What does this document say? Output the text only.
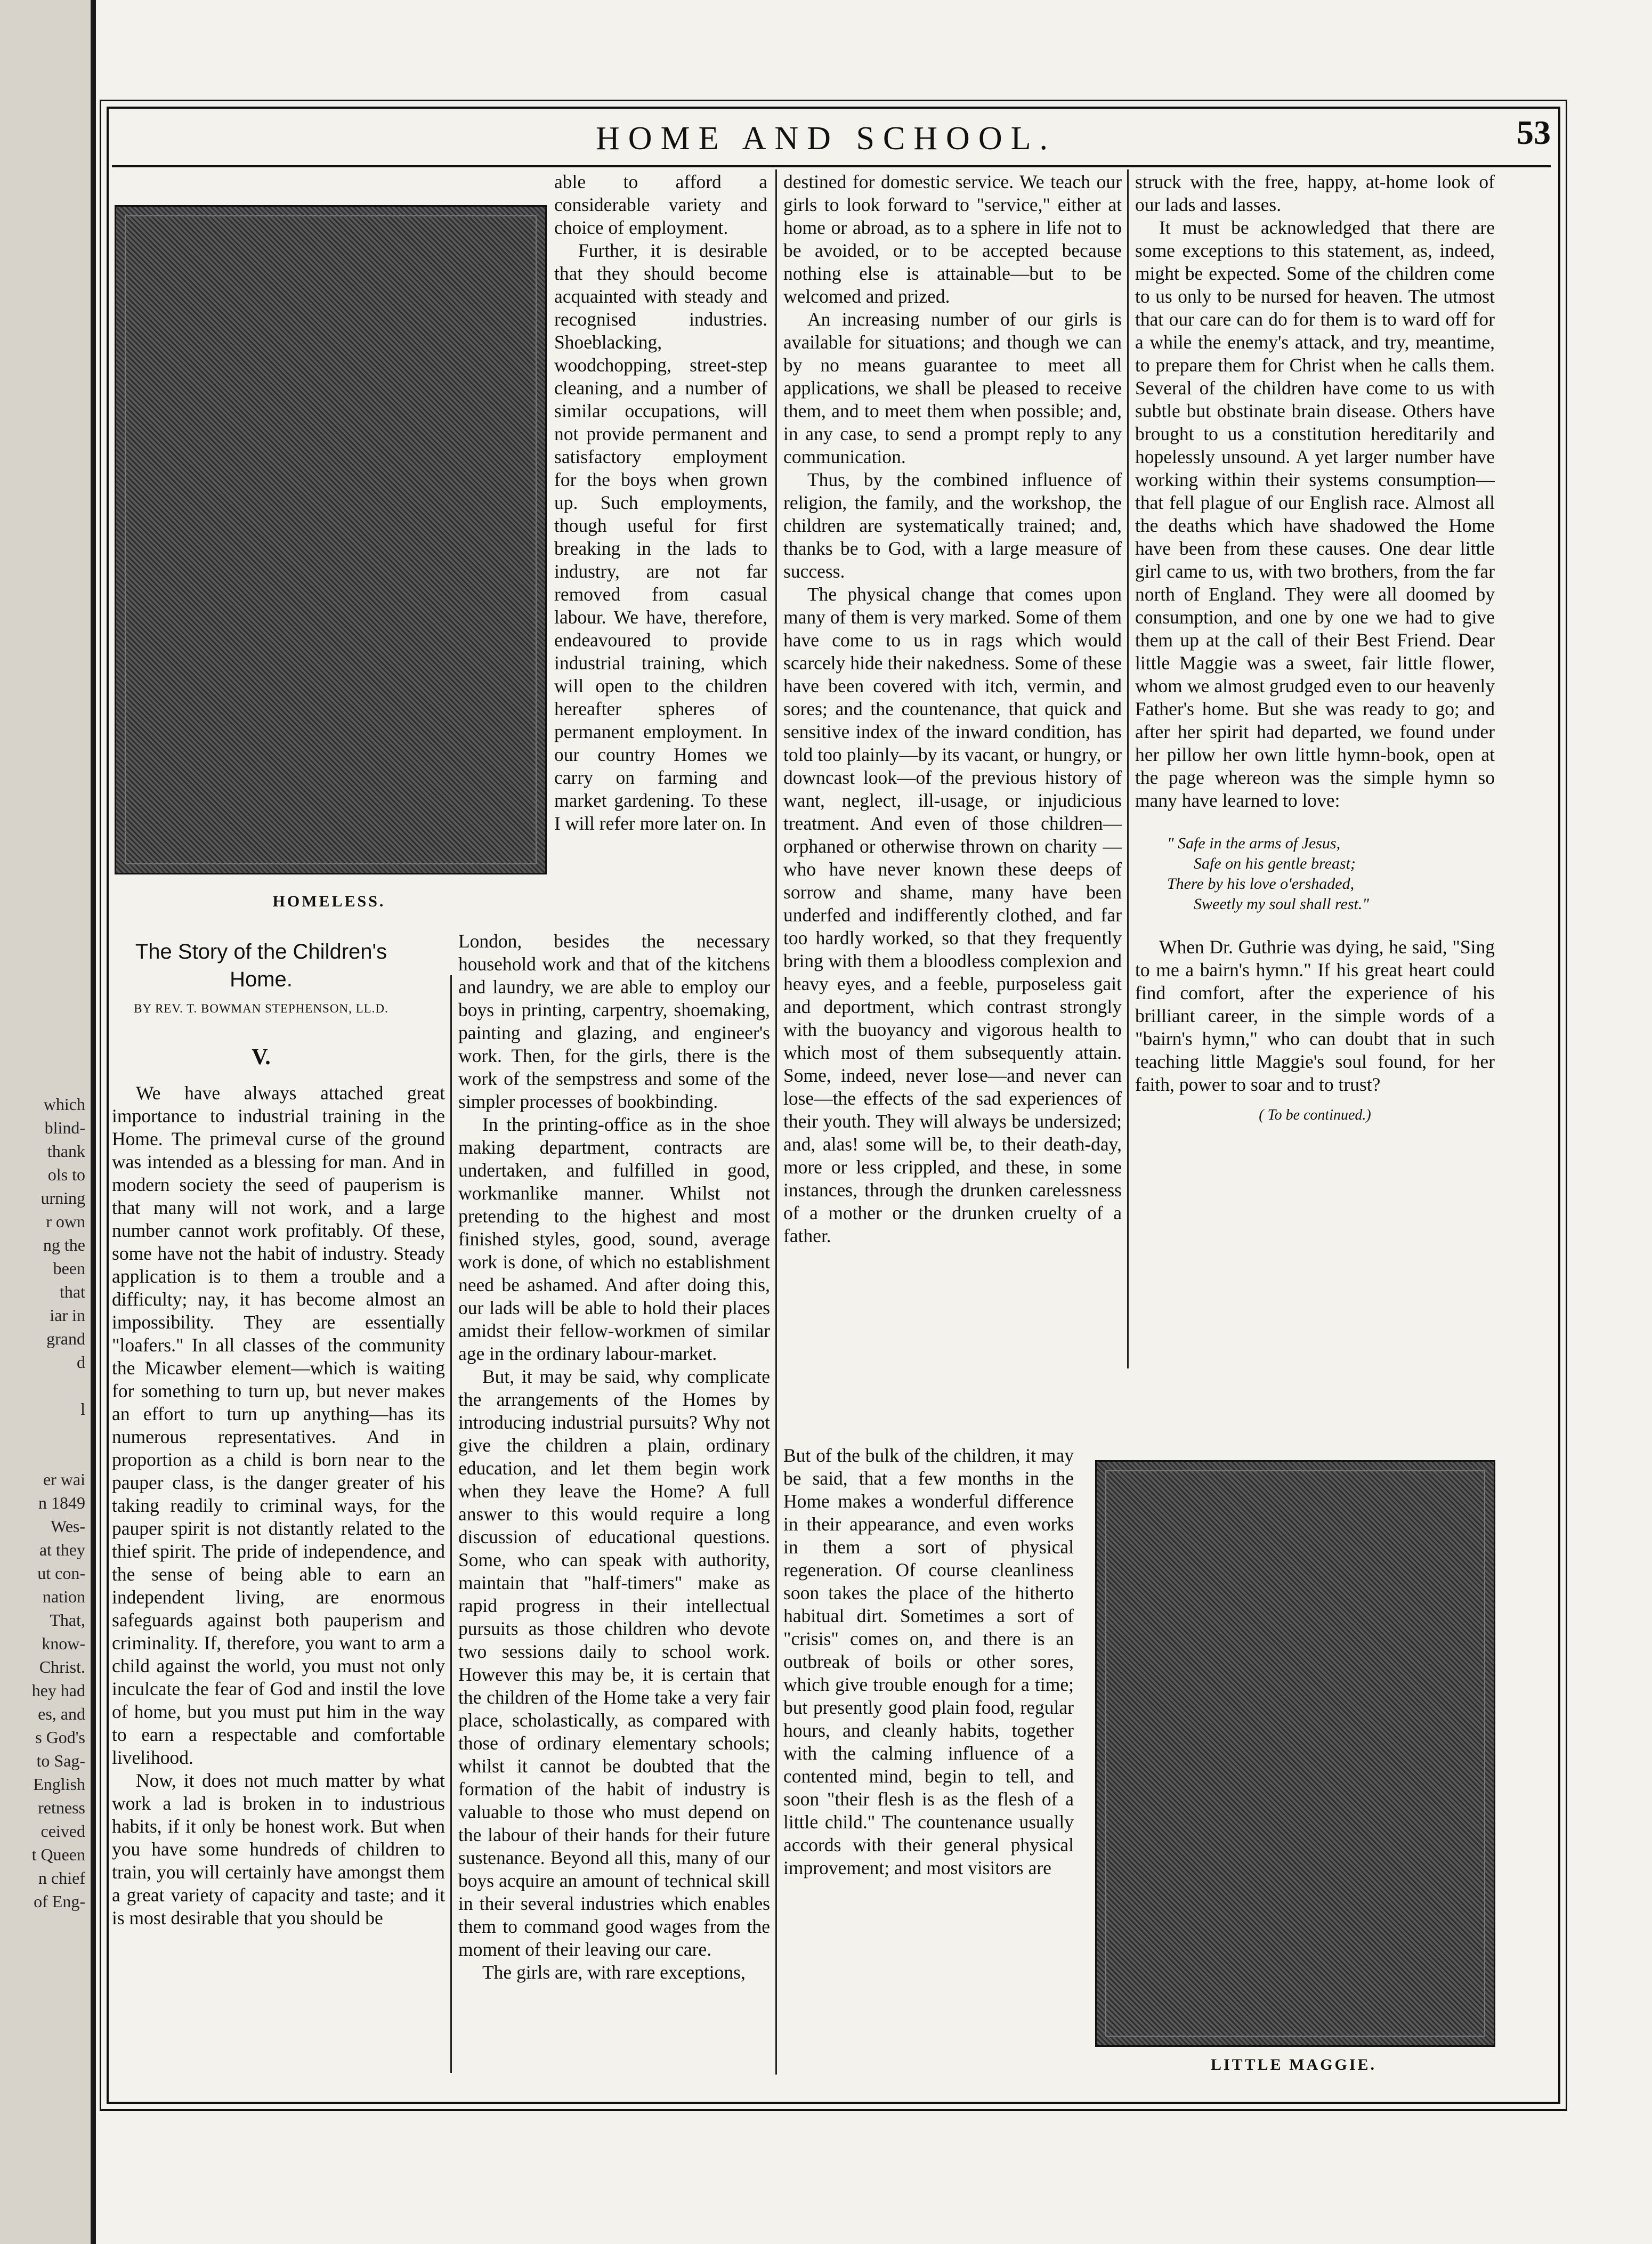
which
blind-
thank
ols to
urning
r own
ng the
been
that
iar in
grand
d

l

er wai
n 1849
Wes-
at they
ut con-
nation
That,
know-
Christ.
hey had
es, and
s God's
to Sag-
English
retness
ceived
t Queen
n chief
of Eng-
HOME AND SCHOOL.	53
HOMELESS.
The Story of the Children's Home.
BY REV. T. BOWMAN STEPHENSON, LL.D.
V.

We have always attached great importance to industrial training in the Home. The primeval curse of the ground was intended as a blessing for man. And in modern society the seed of pauperism is that many will not work, and a large number cannot work profitably. Of these, some have not the habit of industry. Steady application is to them a trouble and a difficulty; nay, it has become almost an impossibility. They are essentially "loafers." In all classes of the community the Micawber element—which is waiting for something to turn up, but never makes an effort to turn up anything—has its numerous representatives. And in proportion as a child is born near to the pauper class, is the danger greater of his taking readily to criminal ways, for the pauper spirit is not distantly related to the thief spirit. The pride of independence, and the sense of being able to earn an independent living, are enormous safeguards against both pauperism and criminality. If, therefore, you want to arm a child against the world, you must not only inculcate the fear of God and instil the love of home, but you must put him in the way to earn a respectable and comfortable livelihood.

Now, it does not much matter by what work a lad is broken in to industrious habits, if it only be honest work. But when you have some hundreds of children to train, you will certainly have amongst them a great variety of capacity and taste; and it is most desirable that you should be

able to afford a considerable variety and choice of employment.

Further, it is desirable that they should become acquainted with steady and recognised industries. Shoeblacking, woodchopping, street-step cleaning, and a number of similar occupations, will not provide permanent and satisfactory employment for the boys when grown up. Such employments, though useful for first breaking in the lads to industry, are not far removed from casual labour. We have, therefore, endeavoured to provide industrial training, which will open to the children hereafter spheres of permanent employment. In our country Homes we carry on farming and market gardening. To these I will refer more later on. In

London, besides the necessary household work and that of the kitchens and laundry, we are able to employ our boys in printing, carpentry, shoemaking, painting and glazing, and engineer's work. Then, for the girls, there is the work of the sempstress and some of the simpler processes of bookbinding.

In the printing-office as in the shoe making department, contracts are undertaken, and fulfilled in good, workmanlike manner. Whilst not pretending to the highest and most finished styles, good, sound, average work is done, of which no establishment need be ashamed. And after doing this, our lads will be able to hold their places amidst their fellow-workmen of similar age in the ordinary labour-market.

But, it may be said, why complicate the arrangements of the Homes by introducing industrial pursuits? Why not give the children a plain, ordinary education, and let them begin work when they leave the Home? A full answer to this would require a long discussion of educational questions. Some, who can speak with authority, maintain that "half-timers" make as rapid progress in their intellectual pursuits as those children who devote two sessions daily to school work. However this may be, it is certain that the children of the Home take a very fair place, scholastically, as compared with those of ordinary elementary schools; whilst it cannot be doubted that the formation of the habit of industry is valuable to those who must depend on the labour of their hands for their future sustenance. Beyond all this, many of our boys acquire an amount of technical skill in their several industries which enables them to command good wages from the moment of their leaving our care.

The girls are, with rare exceptions,

destined for domestic service. We teach our girls to look forward to "service," either at home or abroad, as to a sphere in life not to be avoided, or to be accepted because nothing else is attainable—but to be welcomed and prized.

An increasing number of our girls is available for situations; and though we can by no means guarantee to meet all applications, we shall be pleased to receive them, and to meet them when possible; and, in any case, to send a prompt reply to any communication.

Thus, by the combined influence of religion, the family, and the workshop, the children are systematically trained; and, thanks be to God, with a large measure of success.

The physical change that comes upon many of them is very marked. Some of them have come to us in rags which would scarcely hide their nakedness. Some of these have been covered with itch, vermin, and sores; and the countenance, that quick and sensitive index of the inward condition, has told too plainly—by its vacant, or hungry, or downcast look—of the previous history of want, neglect, ill-usage, or injudicious treatment. And even of those children—orphaned or otherwise thrown on charity — who have never known these deeps of sorrow and shame, many have been underfed and indifferently clothed, and far too hardly worked, so that they frequently bring with them a bloodless complexion and heavy eyes, and a feeble, purposeless gait and deportment, which contrast strongly with the buoyancy and vigorous health to which most of them subsequently attain. Some, indeed, never lose—and never can lose—the effects of the sad experiences of their youth. They will always be undersized; and, alas! some will be, to their death-day, more or less crippled, and these, in some instances, through the drunken carelessness of a mother or the drunken cruelty of a father.

But of the bulk of the children, it may be said, that a few months in the Home makes a wonderful difference in their appearance, and even works in them a sort of physical regeneration. Of course cleanliness soon takes the place of the hitherto habitual dirt. Sometimes a sort of "crisis" comes on, and there is an outbreak of boils or other sores, which give trouble enough for a time; but presently good plain food, regular hours, and cleanly habits, together with the calming influence of a contented mind, begin to tell, and soon "their flesh is as the flesh of a little child." The countenance usually accords with their general physical improvement; and most visitors are

struck with the free, happy, at-home look of our lads and lasses.

It must be acknowledged that there are some exceptions to this statement, as, indeed, might be expected. Some of the children come to us only to be nursed for heaven. The utmost that our care can do for them is to ward off for a while the enemy's attack, and try, meantime, to prepare them for Christ when he calls them. Several of the children have come to us with subtle but obstinate brain disease. Others have brought to us a constitution hereditarily and hopelessly unsound. A yet larger number have working within their systems consumption—that fell plague of our English race. Almost all the deaths which have shadowed the Home have been from these causes. One dear little girl came to us, with two brothers, from the far north of England. They were all doomed by consumption, and one by one we had to give them up at the call of their Best Friend. Dear little Maggie was a sweet, fair little flower, whom we almost grudged even to our heavenly Father's home. But she was ready to go; and after her spirit had departed, we found under her pillow her own little hymn-book, open at the page whereon was the simple hymn so many have learned to love:

" Safe in the arms of Jesus,
Safe on his gentle breast;
There by his love o'ershaded,
Sweetly my soul shall rest."

When Dr. Guthrie was dying, he said, "Sing to me a bairn's hymn." If his great heart could find comfort, after the experience of his brilliant career, in the simple words of a "bairn's hymn," who can doubt that in such teaching little Maggie's soul found, for her faith, power to soar and to trust?

( To be continued.)
LITTLE MAGGIE.
